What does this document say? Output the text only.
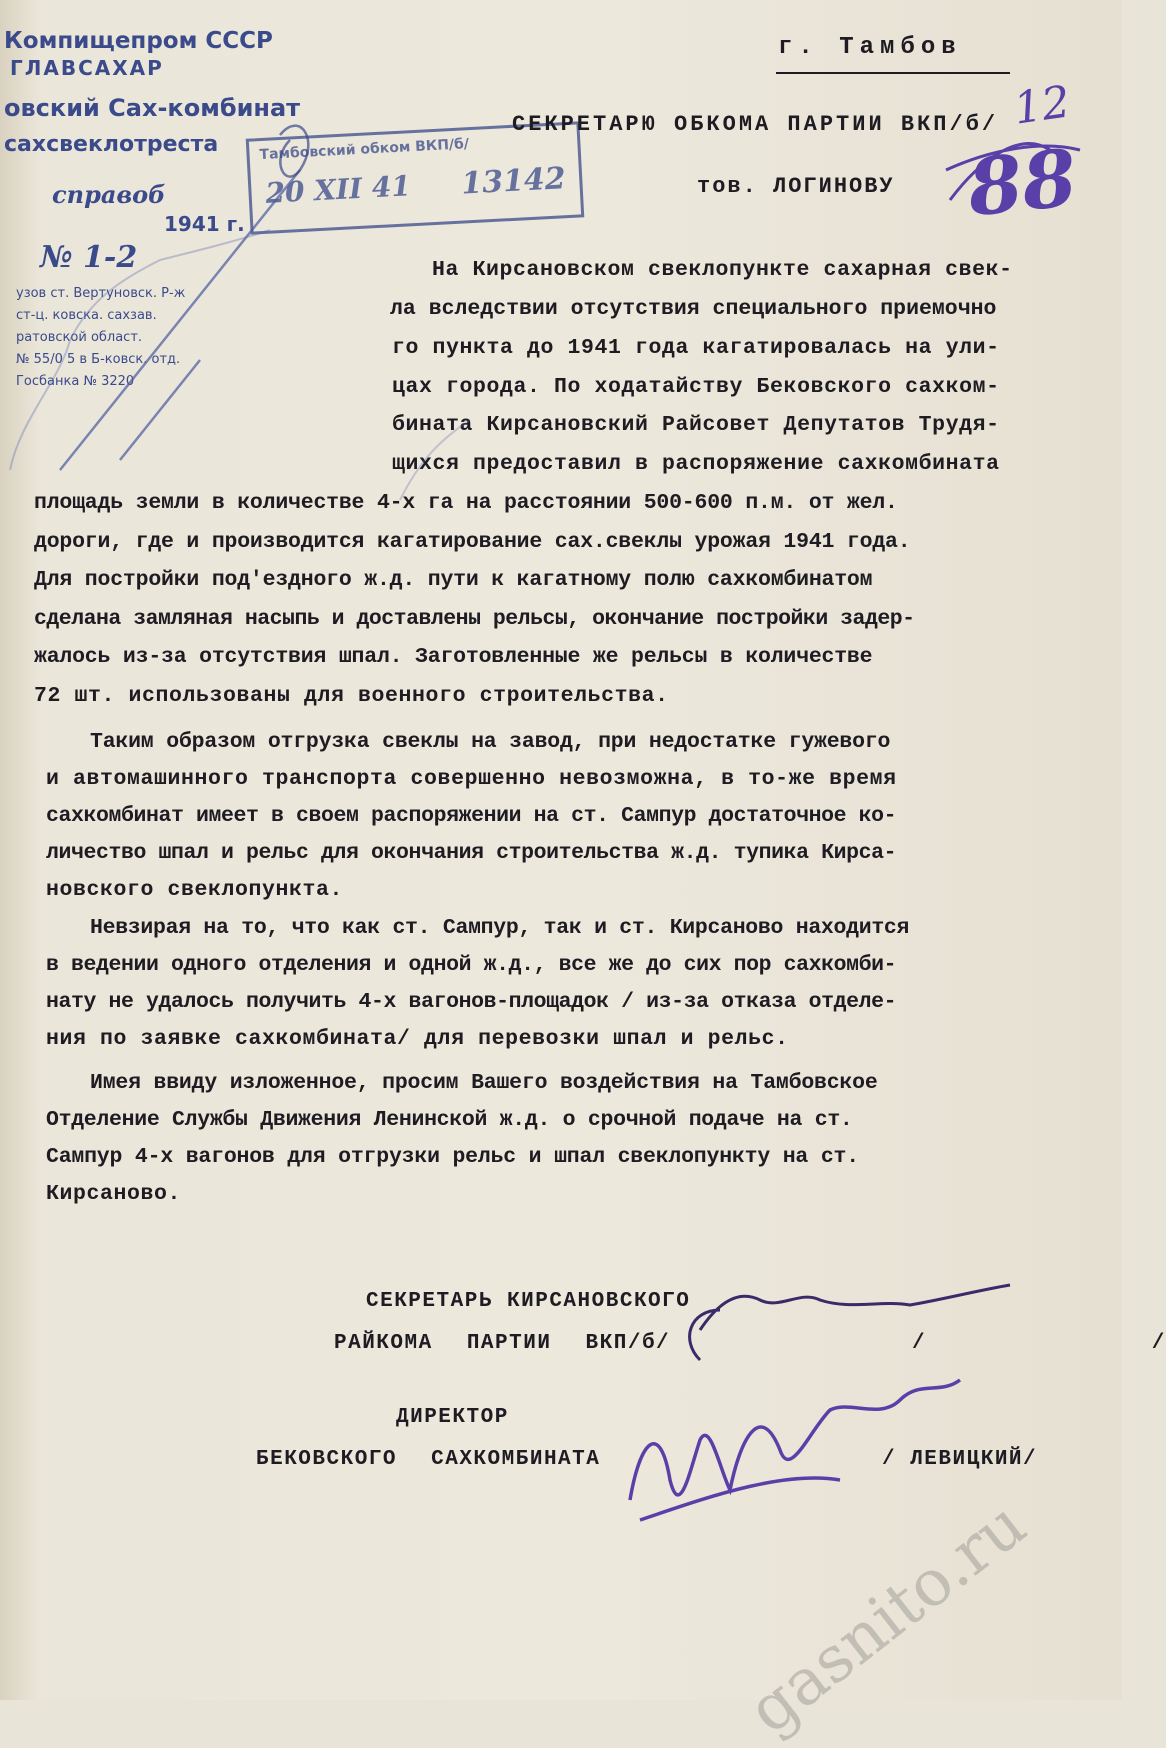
Компищепром СССР
ГЛАВСАХАР
овский Сах-комбинат
сахсвеклотреста
справоб
1941 г.
№ 1-2
узов ст. Вертуновск. Р-ж
ст-ц. ковска. сахзав.
ратовской област.
№ 55/0 5 в Б-ковск. отд.
Госбанка № 3220
Тамбовский обком ВКП/б/
20 XII 41 13142
г. Тамбов
СЕКРЕТАРЮ ОБКОМА ПАРТИИ ВКП/б/
тов. ЛОГИНОВУ
12
88
На Кирсановском свеклопункте сахарная свек-
ла вследствии отсутствия специального приемочно
го пункта до 1941 года кагатировалась на ули-
цах города. По ходатайству Бековского сахком-
бината Кирсановский Райсовет Депутатов Трудя-
щихся предоставил в распоряжение сахкомбината
площадь земли в количестве 4-х га на расстоянии 500-600 п.м. от жел.
дороги, где и производится кагатирование сах.свеклы урожая 1941 года.
Для постройки под'ездного ж.д. пути к кагатному полю сахкомбинатом
сделана замляная насыпь и доставлены рельсы, окончание постройки задер-
жалось из-за отсутствия шпал. Заготовленные же рельсы в количестве
72 шт. использованы для военного строительства.
Таким образом отгрузка свеклы на завод, при недостатке гужевого
и автомашинного транспорта совершенно невозможна, в то-же время
сахкомбинат имеет в своем распоряжении на ст. Сампур достаточное ко-
личество шпал и рельс для окончания строительства ж.д. тупика Кирса-
новского свеклопункта.
Невзирая на то, что как ст. Сампур, так и ст. Кирсаново находится
в ведении одного отделения и одной ж.д., все же до сих пор сахкомби-
нату не удалось получить 4-х вагонов-площадок / из-за отказа отделе-
ния по заявке сахкомбината/ для перевозки шпал и рельс.
Имея ввиду изложенное, просим Вашего воздействия на Тамбовское
Отделение Службы Движения Ленинской ж.д. о срочной подаче на ст.
Сампур 4-х вагонов для отгрузки рельс и шпал свеклопункту на ст.
Кирсаново.
СЕКРЕТАРЬ КИРСАНОВСКОГО
РАЙКОМА ПАРТИИ ВКП/б/	/                /
ДИРЕКТОР
БЕКОВСКОГО САХКОМБИНАТА	/ ЛЕВИЦКИЙ/
gasnito.ru
